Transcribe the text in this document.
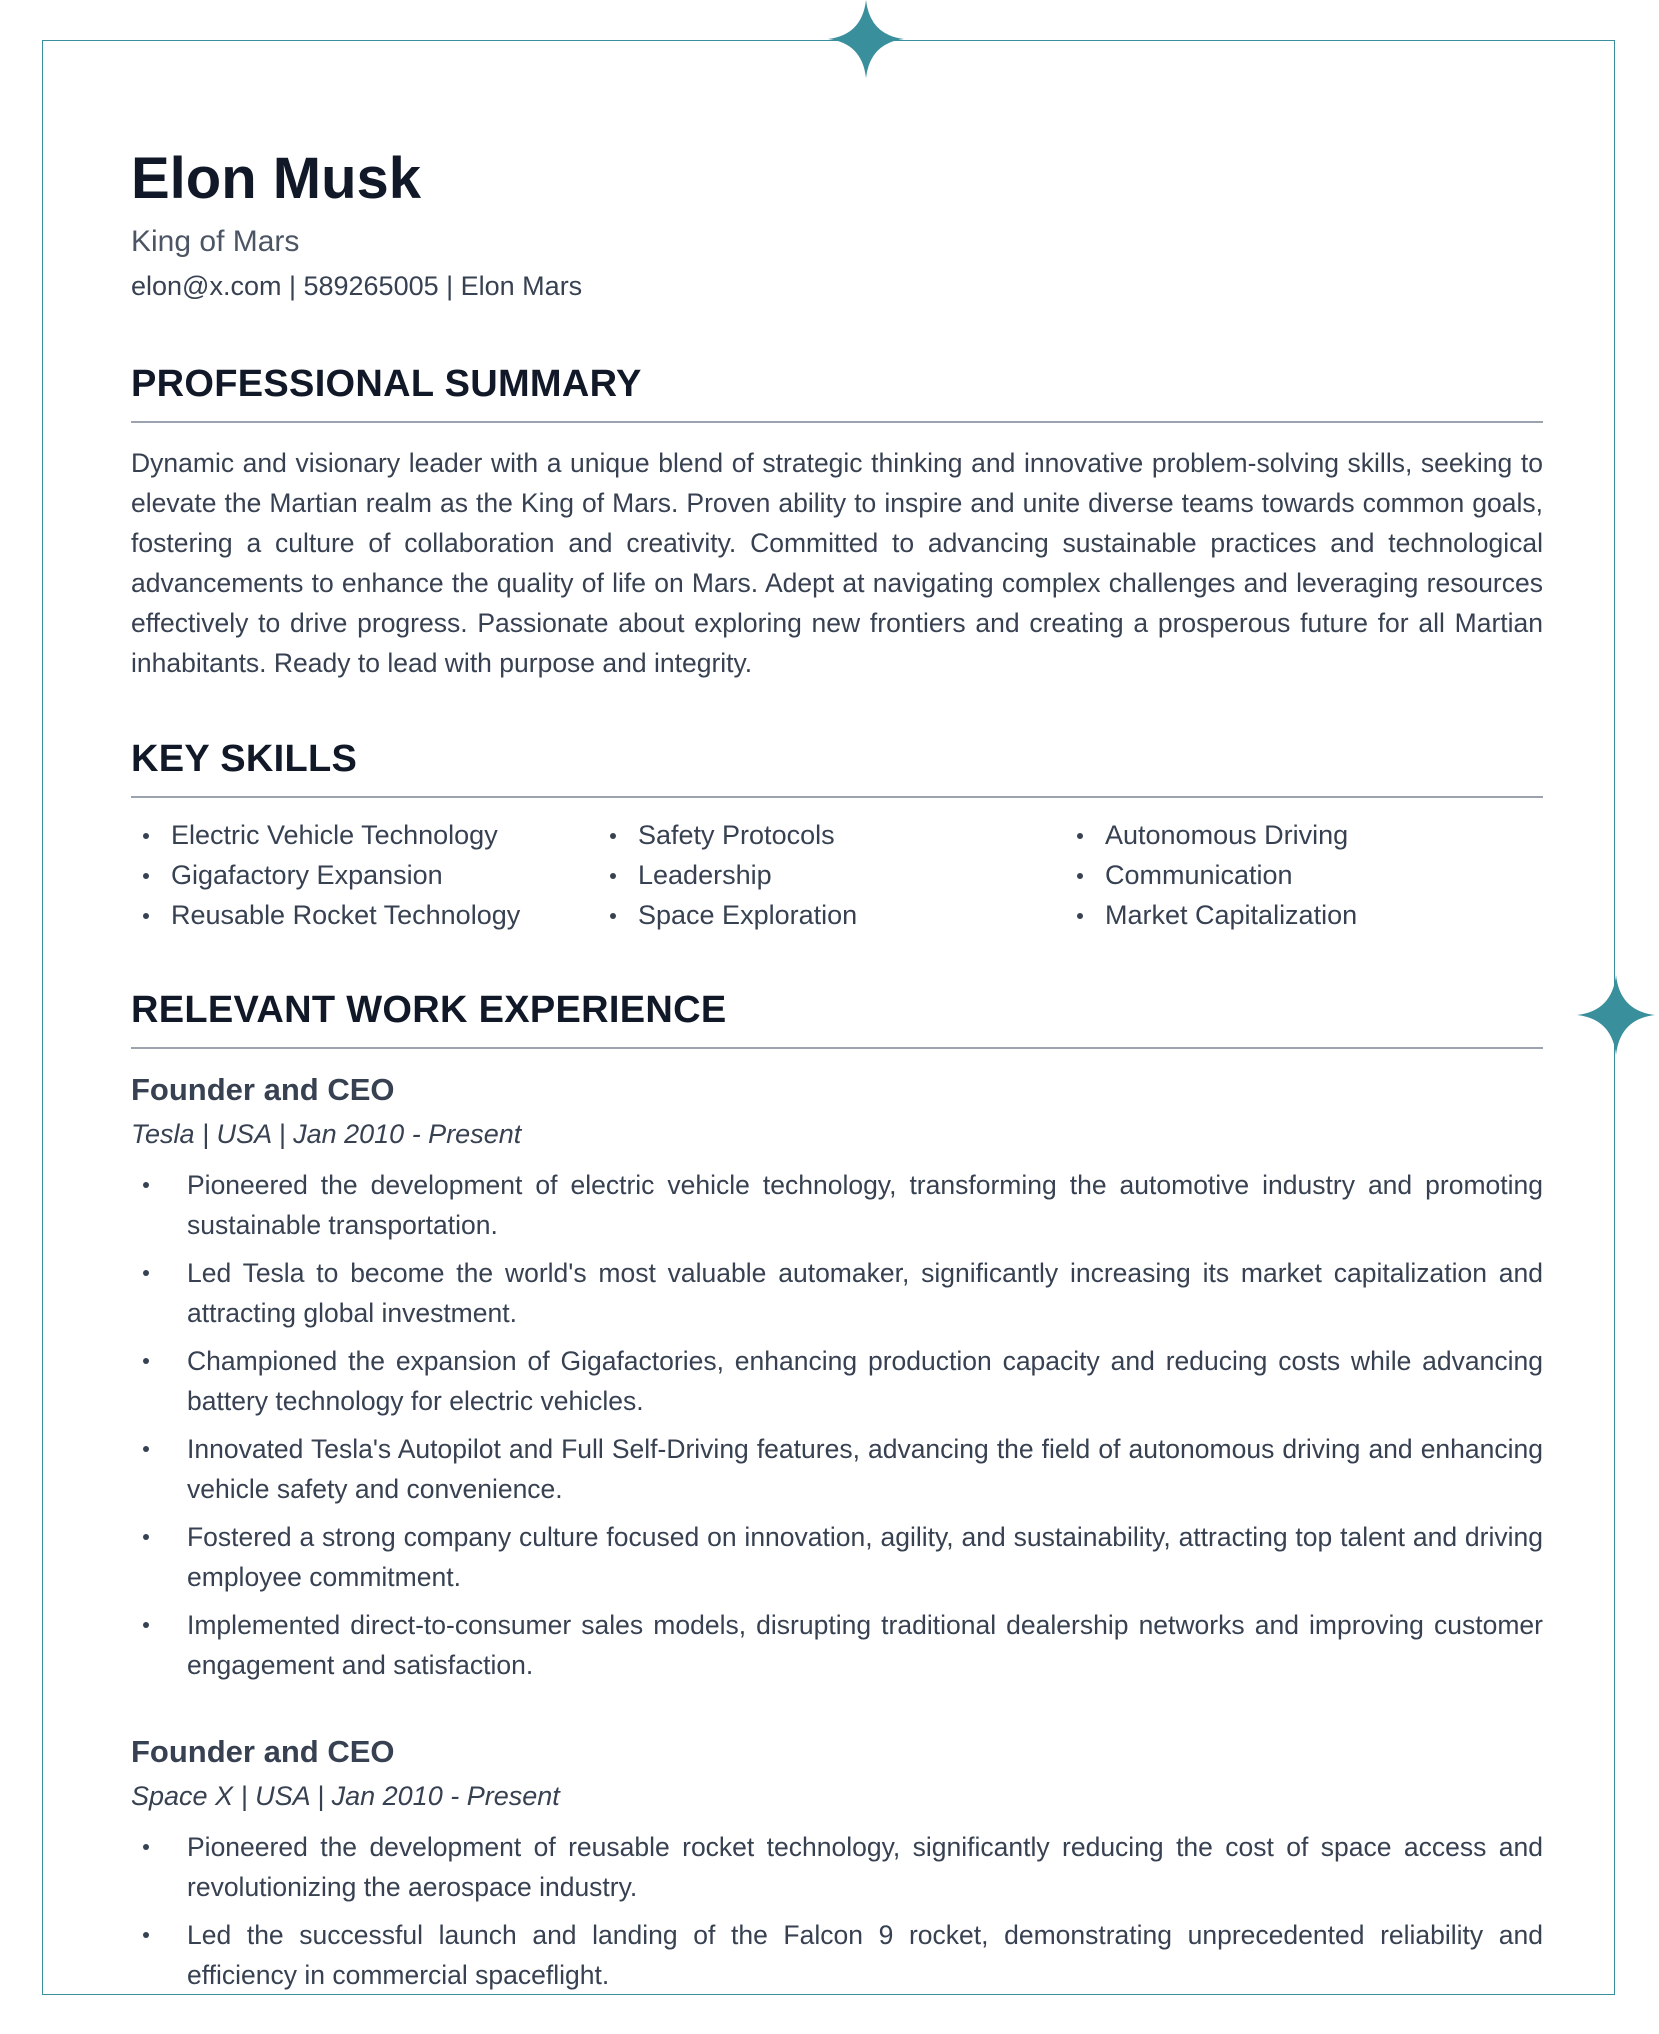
Elon Musk
King of Mars
elon@x.com | 589265005 | Elon Mars
PROFESSIONAL SUMMARY
Dynamic and visionary leader with a unique blend of strategic thinking and innovative problem-solving skills, seeking to elevate the Martian realm as the King of Mars. Proven ability to inspire and unite diverse teams towards common goals, fostering a culture of collaboration and creativity. Committed to advancing sustainable practices and technological advancements to enhance the quality of life on Mars. Adept at navigating complex challenges and leveraging resources effectively to drive progress. Passionate about exploring new frontiers and creating a prosperous future for all Martian inhabitants. Ready to lead with purpose and integrity.
KEY SKILLS
Electric Vehicle Technology	Safety Protocols	Autonomous Driving
Gigafactory Expansion	Leadership	Communication
Reusable Rocket Technology	Space Exploration	Market Capitalization
RELEVANT WORK EXPERIENCE
Founder and CEO
Tesla | USA | Jan 2010 - Present
Pioneered the development of electric vehicle technology, transforming the automotive industry and promoting sustainable transportation.
Led Tesla to become the world's most valuable automaker, significantly increasing its market capitalization and attracting global investment.
Championed the expansion of Gigafactories, enhancing production capacity and reducing costs while advancing battery technology for electric vehicles.
Innovated Tesla's Autopilot and Full Self-Driving features, advancing the field of autonomous driving and enhancing vehicle safety and convenience.
Fostered a strong company culture focused on innovation, agility, and sustainability, attracting top talent and driving employee commitment.
Implemented direct-to-consumer sales models, disrupting traditional dealership networks and improving customer engagement and satisfaction.
Founder and CEO
Space X | USA | Jan 2010 - Present
Pioneered the development of reusable rocket technology, significantly reducing the cost of space access and revolutionizing the aerospace industry.
Led the successful launch and landing of the Falcon 9 rocket, demonstrating unprecedented reliability and efficiency in commercial spaceflight.
